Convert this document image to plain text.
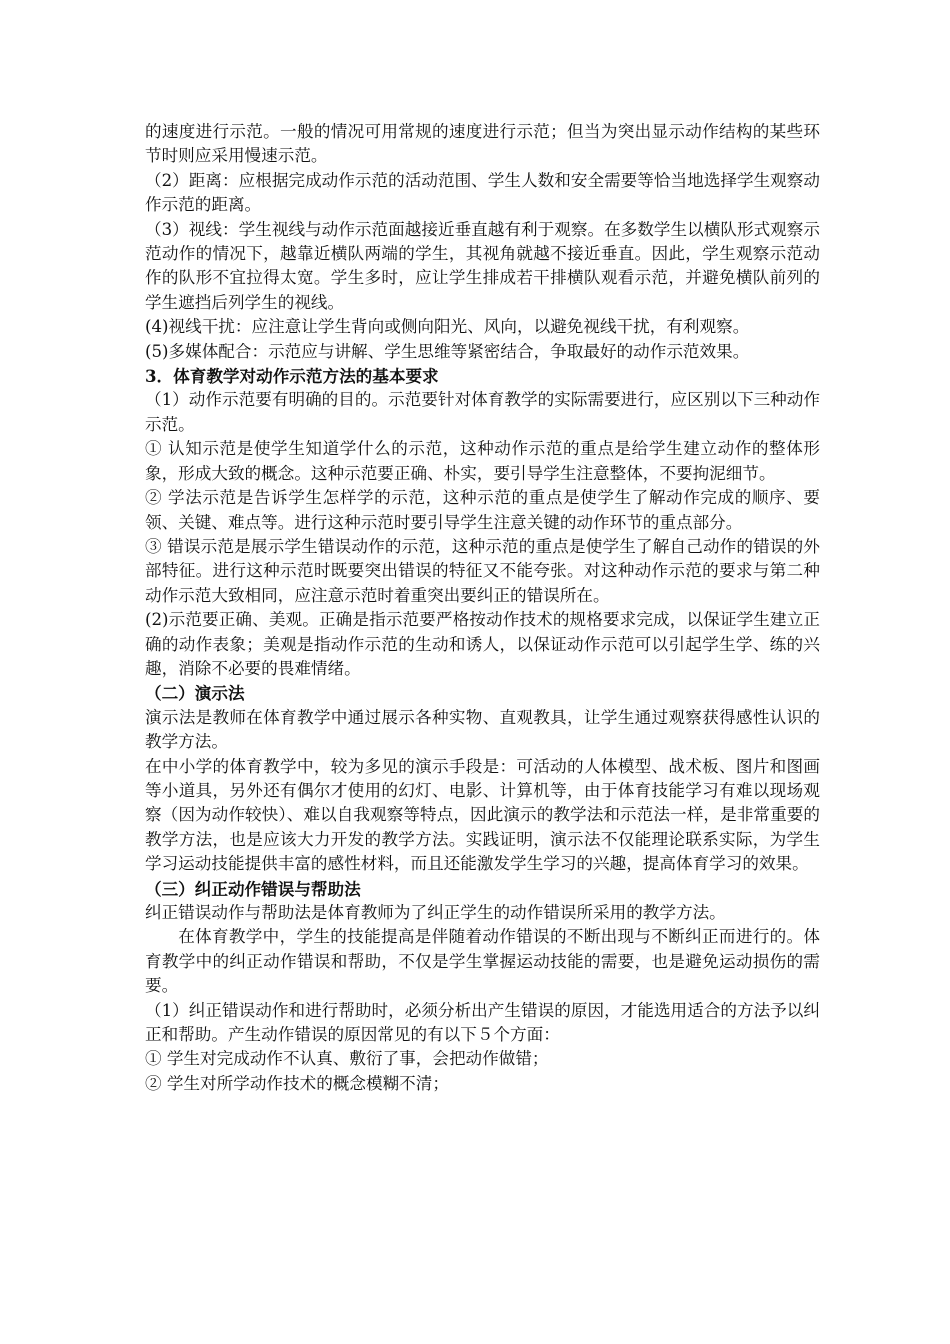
的速度进行示范。一般的情况可用常规的速度进行示范；但当为突出显示动作结构的某些环节时则应采用慢速示范。

（2）距离：应根据完成动作示范的活动范围、学生人数和安全需要等恰当地选择学生观察动作示范的距离。

（3）视线：学生视线与动作示范面越接近垂直越有利于观察。在多数学生以横队形式观察示范动作的情况下，越靠近横队两端的学生，其视角就越不接近垂直。因此，学生观察示范动作的队形不宜拉得太宽。学生多时，应让学生排成若干排横队观看示范，并避免横队前列的学生遮挡后列学生的视线。

(4)视线干扰：应注意让学生背向或侧向阳光、风向，以避免视线干扰，有利观察。

(5)多媒体配合：示范应与讲解、学生思维等紧密结合，争取最好的动作示范效果。

3．体育教学对动作示范方法的基本要求

（1）动作示范要有明确的目的。示范要针对体育教学的实际需要进行，应区别以下三种动作示范。

① 认知示范是使学生知道学什么的示范，这种动作示范的重点是给学生建立动作的整体形象，形成大致的概念。这种示范要正确、朴实，要引导学生注意整体，不要拘泥细节。

② 学法示范是告诉学生怎样学的示范，这种示范的重点是使学生了解动作完成的顺序、要领、关键、难点等。进行这种示范时要引导学生注意关键的动作环节的重点部分。

③ 错误示范是展示学生错误动作的示范，这种示范的重点是使学生了解自己动作的错误的外部特征。进行这种示范时既要突出错误的特征又不能夸张。对这种动作示范的要求与第二种动作示范大致相同，应注意示范时着重突出要纠正的错误所在。

(2)示范要正确、美观。正确是指示范要严格按动作技术的规格要求完成，以保证学生建立正确的动作表象；美观是指动作示范的生动和诱人，以保证动作示范可以引起学生学、练的兴趣，消除不必要的畏难情绪。

（二）演示法

演示法是教师在体育教学中通过展示各种实物、直观教具，让学生通过观察获得感性认识的教学方法。

在中小学的体育教学中，较为多见的演示手段是：可活动的人体模型、战术板、图片和图画等小道具，另外还有偶尔才使用的幻灯、电影、计算机等，由于体育技能学习有难以现场观察（因为动作较快）、难以自我观察等特点，因此演示的教学法和示范法一样，是非常重要的教学方法，也是应该大力开发的教学方法。实践证明，演示法不仅能理论联系实际，为学生学习运动技能提供丰富的感性材料，而且还能激发学生学习的兴趣，提高体育学习的效果。

（三）纠正动作错误与帮助法

纠正错误动作与帮助法是体育教师为了纠正学生的动作错误所采用的教学方法。

在体育教学中，学生的技能提高是伴随着动作错误的不断出现与不断纠正而进行的。体育教学中的纠正动作错误和帮助，不仅是学生掌握运动技能的需要，也是避免运动损伤的需要。

（1）纠正错误动作和进行帮助时，必须分析出产生错误的原因，才能选用适合的方法予以纠正和帮助。产生动作错误的原因常见的有以下５个方面：

① 学生对完成动作不认真、敷衍了事，会把动作做错；

② 学生对所学动作技术的概念模糊不清；
